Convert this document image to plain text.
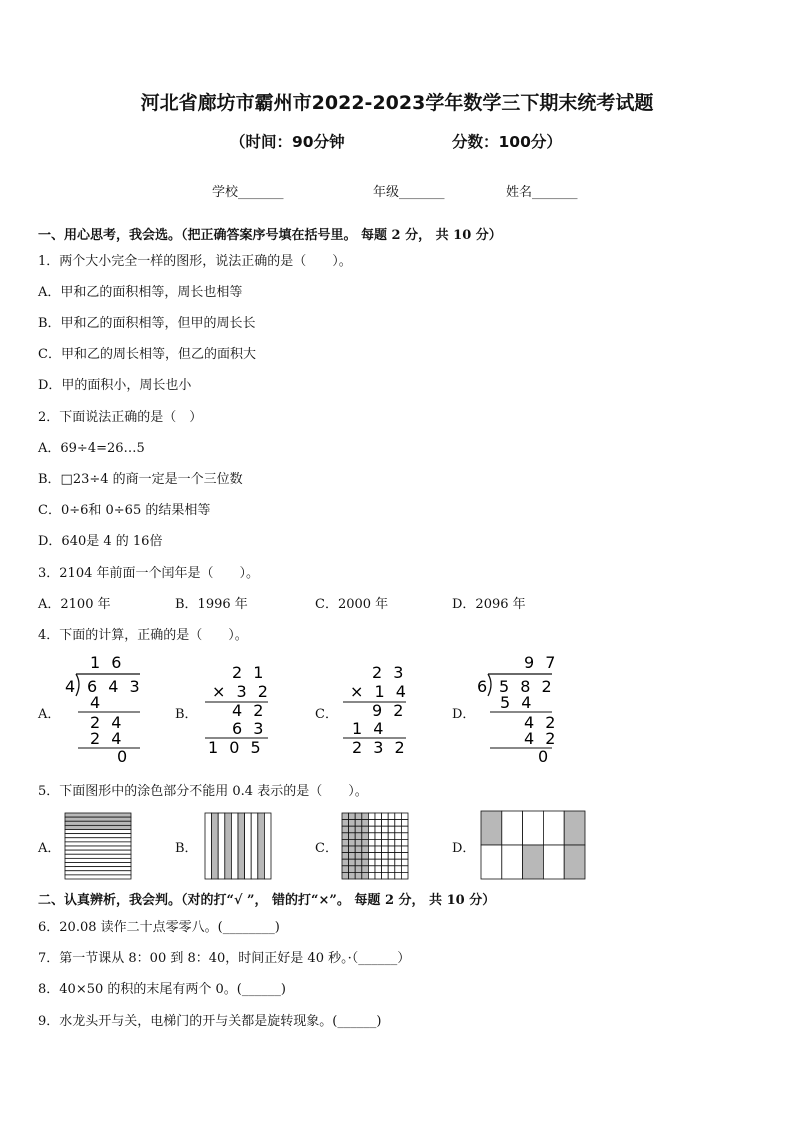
河北省廊坊市霸州市2022-2023学年数学三下期末统考试题
（时间：90分钟	分数：100分）
学校_______	年级_______	姓名_______
一、用心思考，我会选。（把正确答案序号填在括号里。 每题 2 分， 共 10 分）
1．两个大小完全一样的图形，说法正确的是（　　）。
A．甲和乙的面积相等，周长也相等
B．甲和乙的面积相等，但甲的周长长
C．甲和乙的周长相等，但乙的面积大
D．甲的面积小，周长也小
2．下面说法正确的是（　）
A．69÷4=26…5
B．□23÷4 的商一定是一个三位数
C．0÷6和 0÷65 的结果相等
D．640是 4 的 16倍
3．2104 年前面一个闰年是（　　）。
A．2100 年	B．1996 年	C．2000 年	D．2096 年
4．下面的计算，正确的是（　　）。
A．	B．	C．	D．
1 6
4 6 4 3
4
2 4
2 4
0
2 1
× 3 2
4 2
6 3
1 0 5
2 3
× 1 4
9 2
1 4
2 3 2
9 7
6 5 8 2
5 4
4 2
4 2
0
5．下面图形中的涂色部分不能用 0.4 表示的是（　　）。
A．	B．	C．	D．
二、认真辨析，我会判。（对的打“√ ”， 错的打“×”。 每题 2 分， 共 10 分）
6．20.08 读作二十点零零八。(________)
7．第一节课从 8：00 到 8：40，时间正好是 40 秒。·（______）
8．40×50 的积的末尾有两个 0。(______)
9．水龙头开与关，电梯门的开与关都是旋转现象。(______)
